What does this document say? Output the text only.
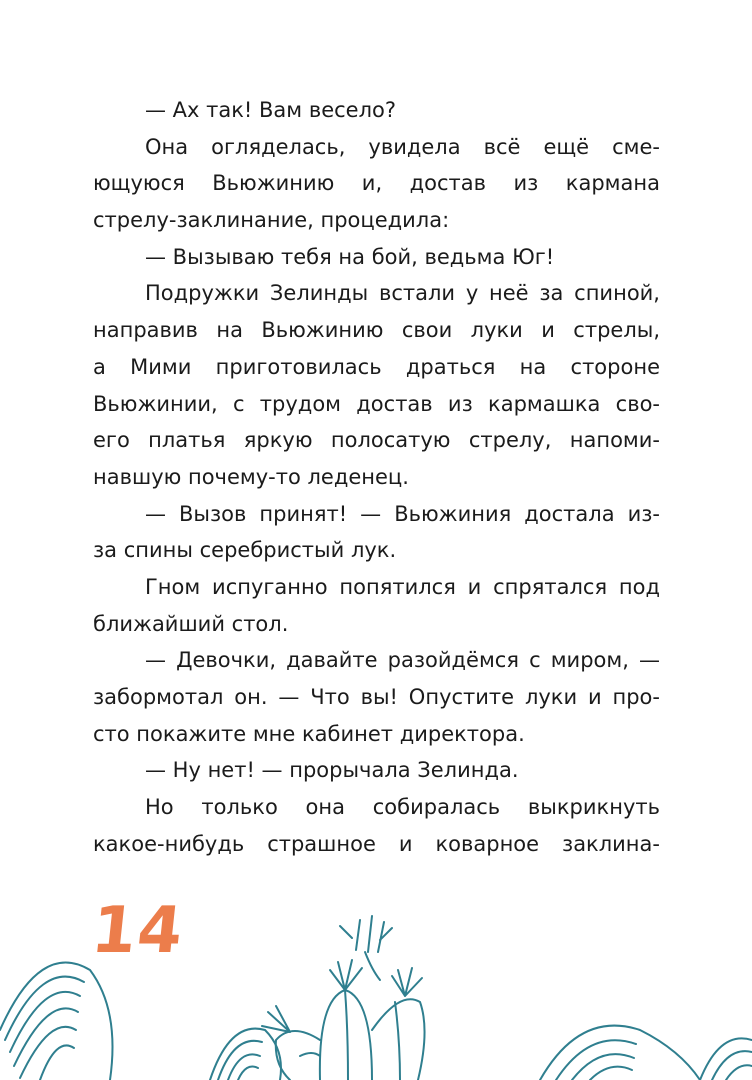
— Ах так! Вам весело?
Она огляделась, увидела всё ещё сме-
ющуюся Вьюжинию и, достав из кармана
стрелу-заклинание, процедила:
— Вызываю тебя на бой, ведьма Юг!
Подружки Зелинды встали у неё за спиной,
направив на Вьюжинию свои луки и стрелы,
а Мими приготовилась драться на стороне
Вьюжинии, с трудом достав из кармашка сво-
его платья яркую полосатую стрелу, напоми-
навшую почему-то леденец.
— Вызов принят! — Вьюжиния достала из-
за спины серебристый лук.
Гном испуганно попятился и спрятался под
ближайший стол.
— Девочки, давайте разойдёмся с миром, —
забормотал он. — Что вы! Опустите луки и про-
сто покажите мне кабинет директора.
— Ну нет! — прорычала Зелинда.
Но только она собиралась выкрикнуть
какое-нибудь страшное и коварное заклина-
14
